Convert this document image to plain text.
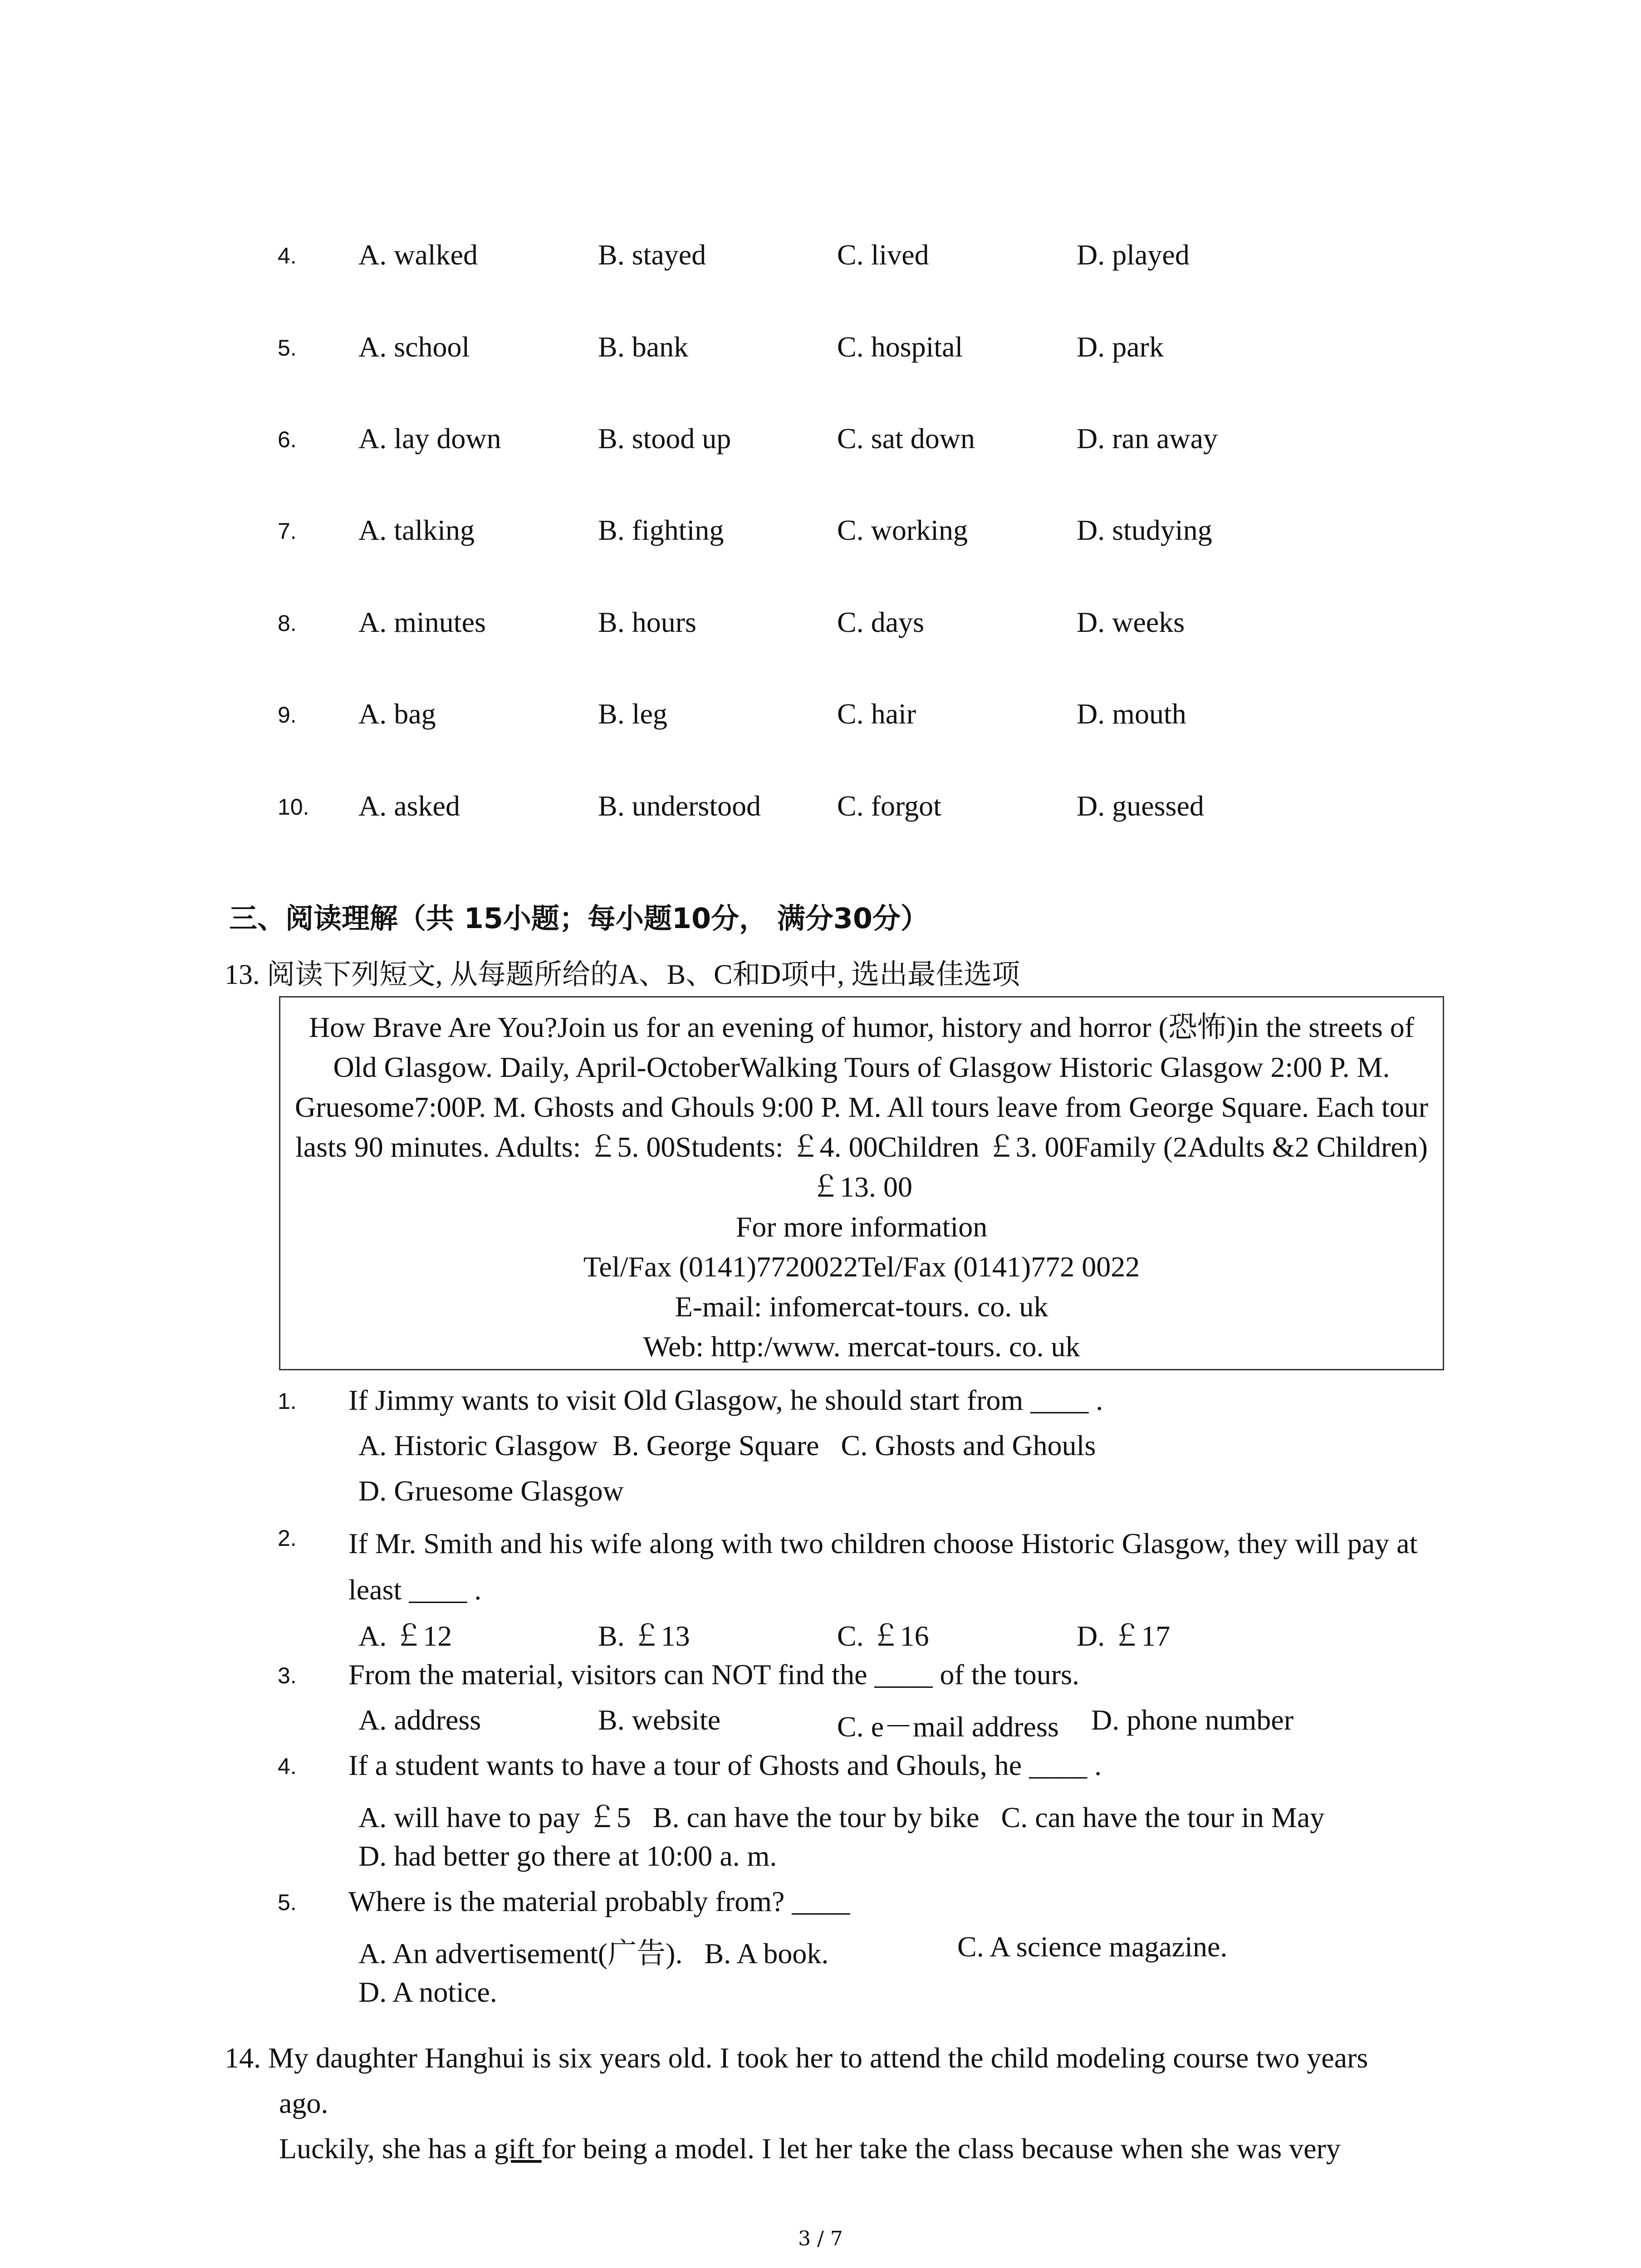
4. A. walked	B. stayed	C. lived	D. played
5. A. school	B. bank	C. hospital	D. park
6. A. lay down	B. stood up	C. sat down	D. ran away
7. A. talking	B. fighting	C. working	D. studying
8. A. minutes	B. hours	C. days	D. weeks
9. A. bag	B. leg	C. hair	D. mouth
10. A. asked	B. understood	C. forgot	D. guessed
三、阅读理解（共 15小题；每小题10分， 满分30分）
13. 阅读下列短文, 从每题所给的A、B、C和D项中, 选出最佳选项

How Brave Are You?Join us for an evening of humor, history and horror (恐怖)in the streets of Old Glasgow. Daily, April-OctoberWalking Tours of Glasgow Historic Glasgow 2:00 P. M. Gruesome7:00P. M. Ghosts and Ghouls 9:00 P. M. All tours leave from George Square. Each tour lasts 90 minutes. Adults: ￡5. 00Students: ￡4. 00Children ￡3. 00Family (2Adults &2 Children) ￡13. 00

For more information

Tel/Fax (0141)7720022Tel/Fax (0141)772 0022

E-mail: infomercat-tours. co. uk

Web: http:/www. mercat-tours. co. uk

1. If Jimmy wants to visit Old Glasgow, he should start from ____ .
A. Historic Glasgow  B. George Square   C. Ghosts and Ghouls
D. Gruesome Glasgow
2. If Mr. Smith and his wife along with two children choose Historic Glasgow, they will pay at least ____ .
A. ￡12	B. ￡13	C. ￡16	D. ￡17
3. From the material, visitors can NOT find the ____ of the tours.
A. address	B. website	C. e－mail address D. phone number
4. If a student wants to have a tour of Ghosts and Ghouls, he ____ .
A. will have to pay ￡5   B. can have the tour by bike   C. can have the tour in May
D. had better go there at 10:00 a. m.
5. Where is the material probably from? ____
A. An advertisement(广告).   B. A book.	C. A science magazine.
D. A notice.
14. My daughter Hanghui is six years old. I took her to attend the child modeling course two years
ago.
Luckily, she has a gift for being a model. I let her take the class because when she was very
3 / 7
